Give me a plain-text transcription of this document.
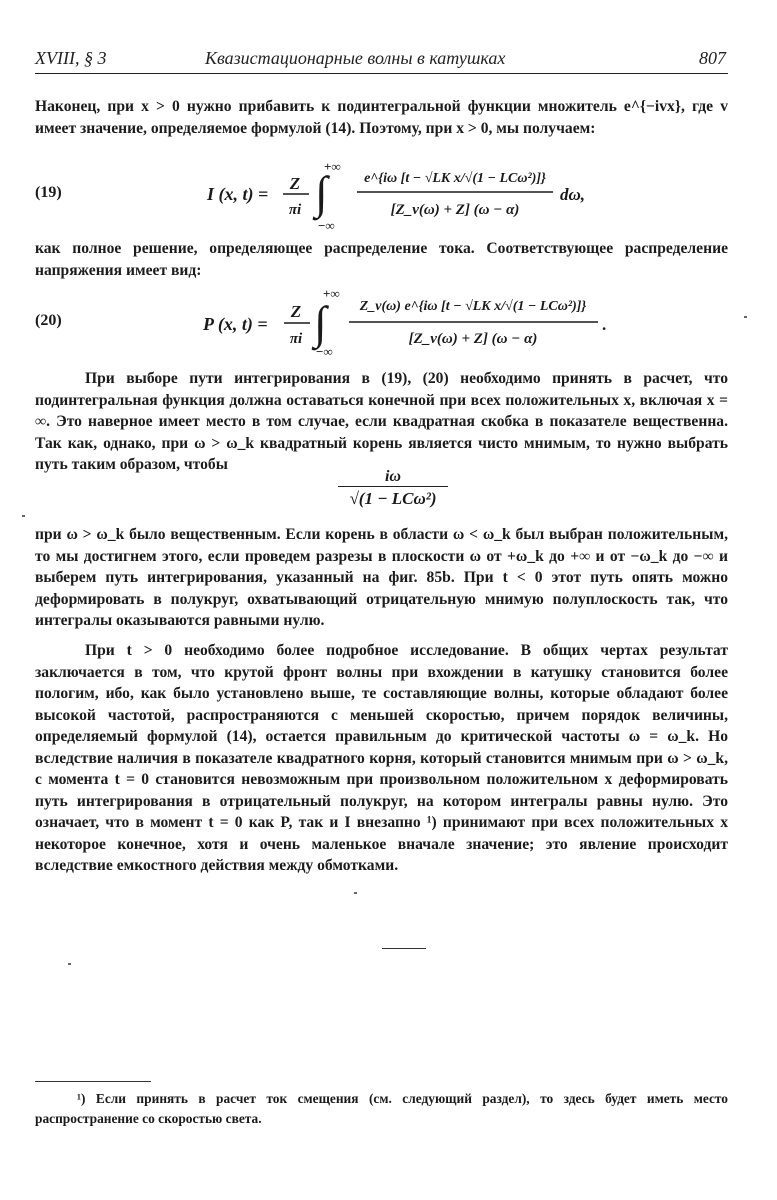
XVIII, § 3	Квазистационарные волны в катушках	807

Наконец, при x > 0 нужно прибавить к подинтегральной функции множитель e^{−ivx}, где v имеет значение, определяемое формулой (14). Поэтому, при x > 0, мы получаем:

(19)	I (x, t) =
Z
πi ∫
+∞
−∞
e^{iω [t − √LK x/√(1 − LCω²)]}
[Z_v(ω) + Z] (ω − α)
dω,
P (x, t) =
Z
πi ∫
+∞
−∞
Z_v(ω) e^{iω [t − √LK x/√(1 − LCω²)]}
[Z_v(ω) + Z] (ω − α)
.

как полное решение, определяющее распределение тока. Соответствующее распределение напряжения имеет вид:

(20)

При выборе пути интегрирования в (19), (20) необходимо принять в расчет, что подинтегральная функция должна оставаться конечной при всех положительных x, включая x = ∞. Это наверное имеет место в том случае, если квадратная скобка в показателе вещественна. Так как, однако, при ω > ω_k квадратный корень является чисто мнимым, то нужно выбрать путь таким образом, чтобы

iω
√(1 − LCω²)

при ω > ω_k было вещественным. Если корень в области ω < ω_k был выбран положительным, то мы достигнем этого, если проведем разрезы в плоскости ω от +ω_k до +∞ и от −ω_k до −∞ и выберем путь интегрирования, указанный на фиг. 85b. При t < 0 этот путь опять можно деформировать в полукруг, охватывающий отрицательную мнимую полуплоскость так, что интегралы оказываются равными нулю.

При t > 0 необходимо более подробное исследование. В общих чертах результат заключается в том, что крутой фронт волны при вхождении в катушку становится более пологим, ибо, как было установлено выше, те составляющие волны, которые обладают более высокой частотой, распространяются с меньшей скоростью, причем порядок величины, определяемый формулой (14), остается правильным до критической частоты ω = ω_k. Но вследствие наличия в показателе квадратного корня, который становится мнимым при ω > ω_k, с момента t = 0 становится невозможным при произвольном положительном x деформировать путь интегрирования в отрицательный полукруг, на котором интегралы равны нулю. Это означает, что в момент t = 0 как P, так и I внезапно ¹) принимают при всех положительных x некоторое конечное, хотя и очень маленькое вначале значение; это явление происходит вследствие емкостного действия между обмотками.

¹) Если принять в расчет ток смещения (см. следующий раздел), то здесь будет иметь место распространение со скоростью света.
